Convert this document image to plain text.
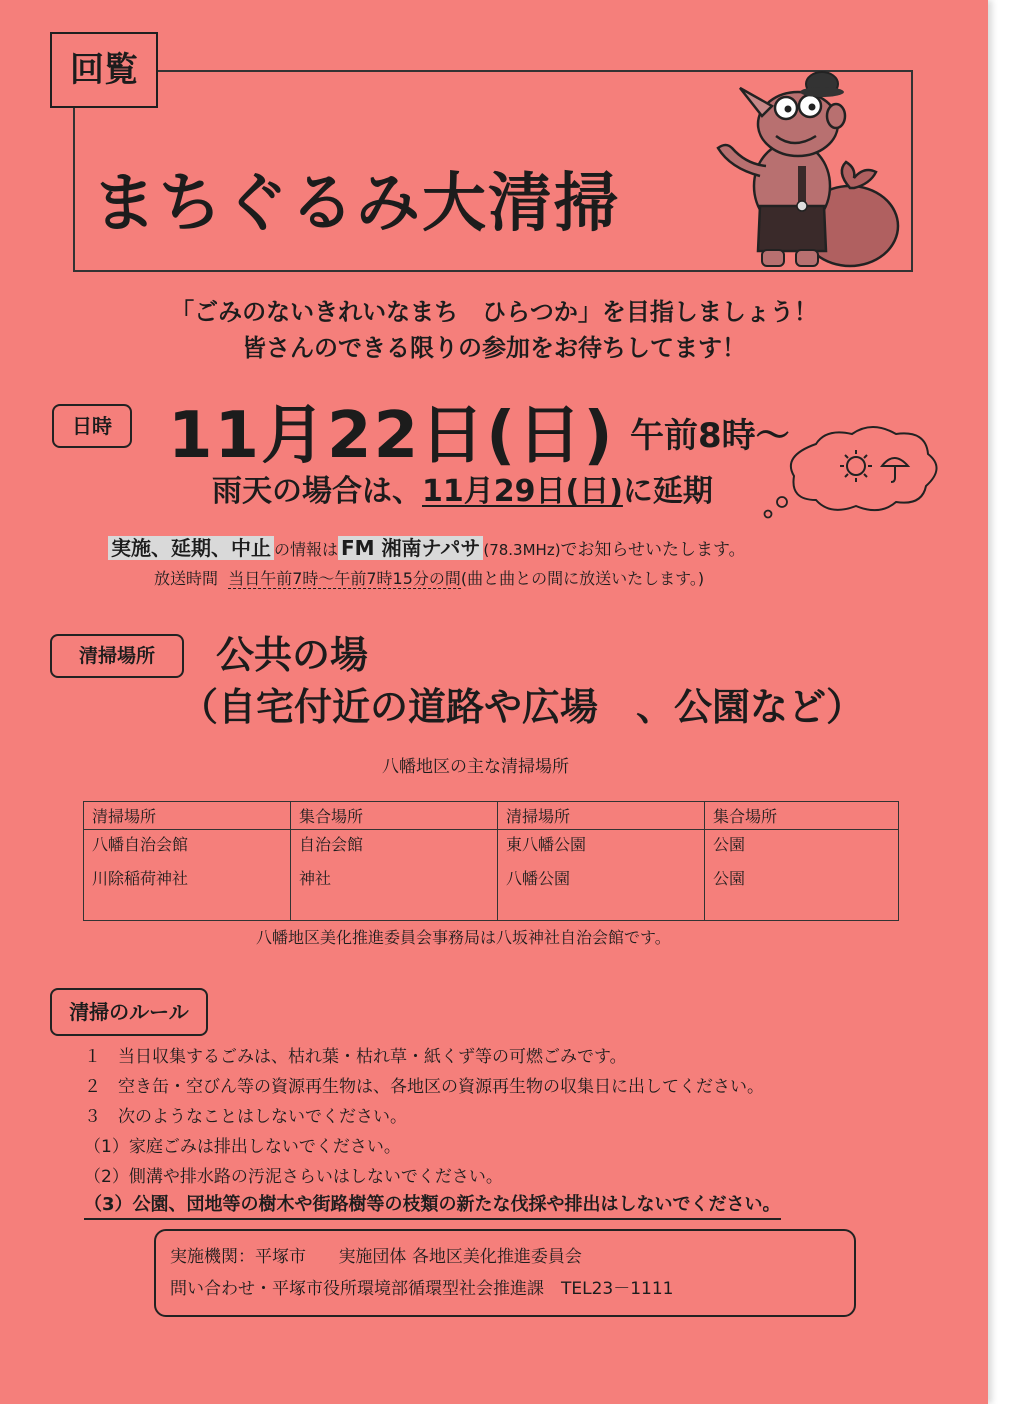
回覧
まちぐるみ大清掃
「ごみのないきれいなまち　ひらつか」を目指しましょう！
皆さんのできる限りの参加をお待ちしてます！
日時 11月22日(日) 午前8時～
雨天の場合は、11月29日(日)に延期
実施、延期、中止 の情報は FM 湘南ナパサ (78.3MHz)でお知らせいたします。
放送時間 当日午前7時～午前7時15分の間(曲と曲との間に放送いたします。)
清掃場所	公共の場
（自宅付近の道路や広場　、公園など）
八幡地区の主な清掃場所
清掃場所	集合場所	清掃場所	集合場所
八幡自治会館	自治会館	東八幡公園	公園
川除稲荷神社	神社	八幡公園	公園
八幡地区美化推進委員会事務局は八坂神社自治会館です。
清掃のルール
１　当日収集するごみは、枯れ葉・枯れ草・紙くず等の可燃ごみです。
２　空き缶・空びん等の資源再生物は、各地区の資源再生物の収集日に出してください。
３　次のようなことはしないでください。
（1）家庭ごみは排出しないでください。
（2）側溝や排水路の汚泥さらいはしないでください。
（3）公園、団地等の樹木や街路樹等の枝類の新たな伐採や排出はしないでください。
実施機関：平塚市 実施団体 各地区美化推進委員会
問い合わせ・平塚市役所環境部循環型社会推進課　TEL23－1111
